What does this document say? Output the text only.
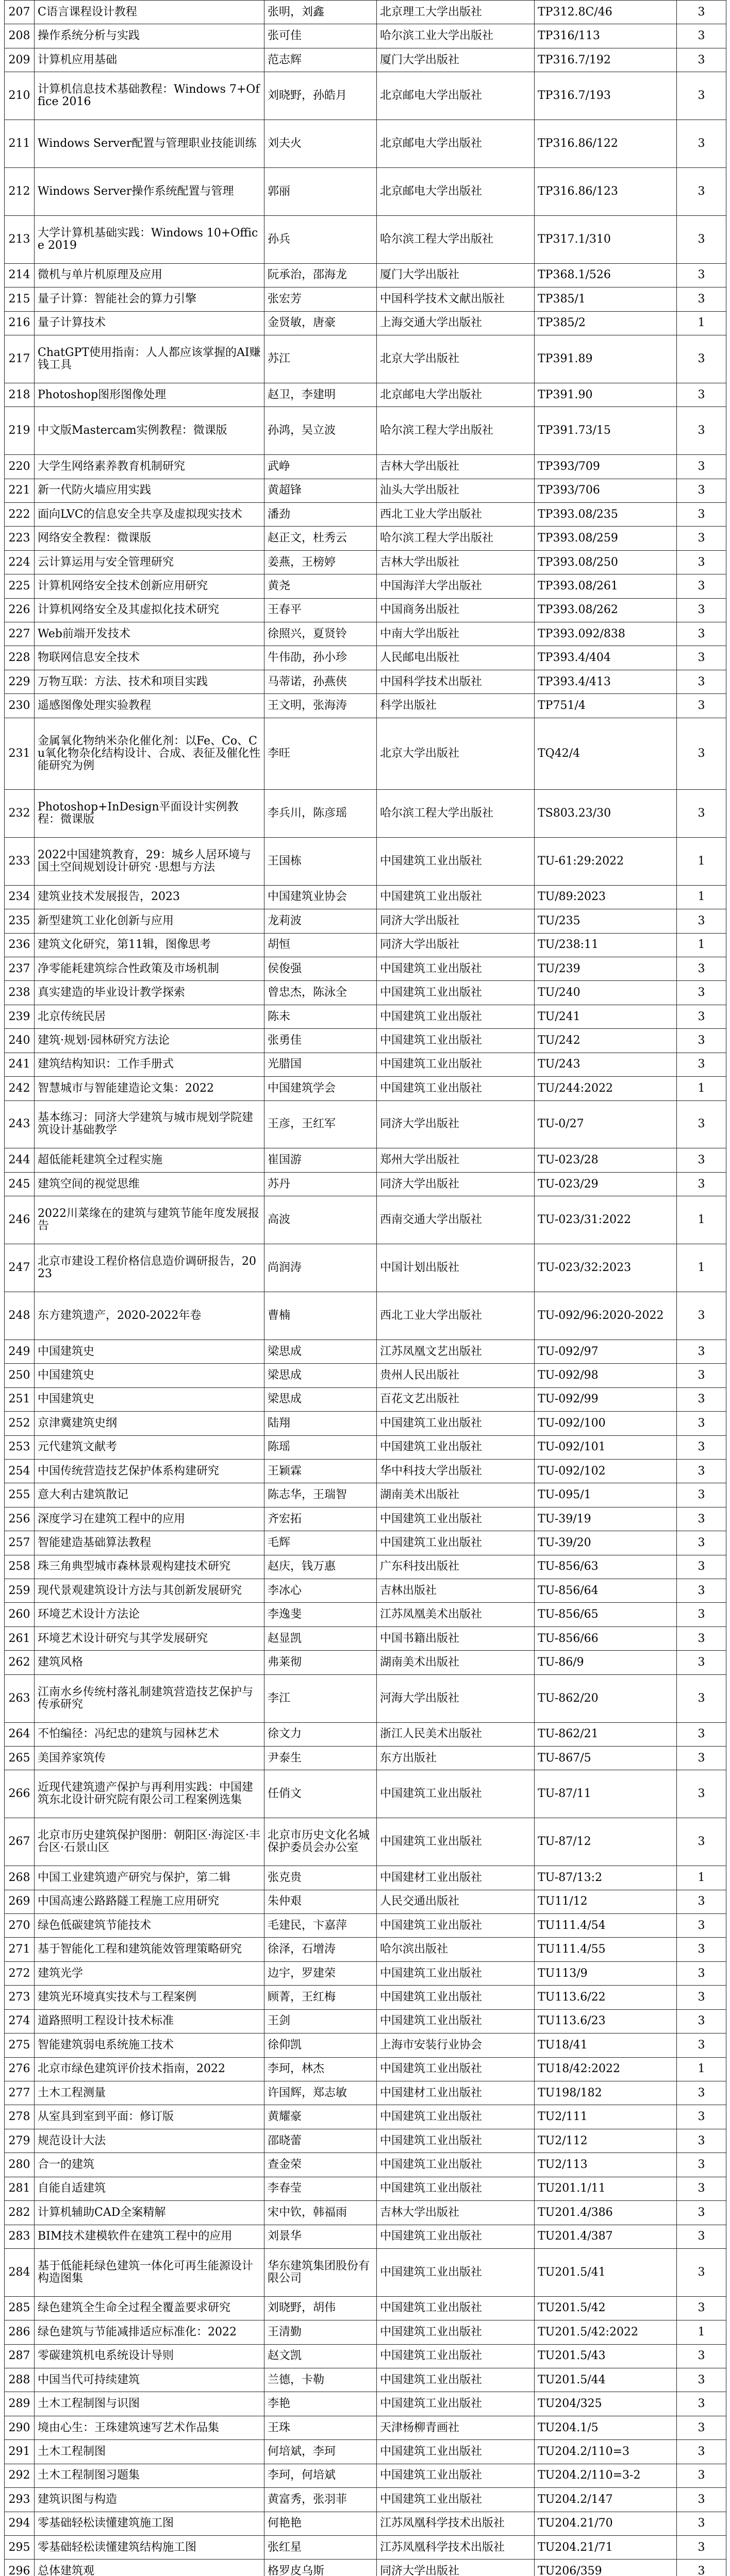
207	C语言课程设计教程	张明，刘鑫	北京理工大学出版社	TP312.8C/46	3
208	操作系统分析与实践	张可佳	哈尔滨工业大学出版社	TP316/113	3
209	计算机应用基础	范志辉	厦门大学出版社	TP316.7/192	3
210	计算机信息技术基础教程：Windows 7+Office 2016	刘晓野，孙皓月	北京邮电大学出版社	TP316.7/193	3
211	Windows Server配置与管理职业技能训练	刘夫火	北京邮电大学出版社	TP316.86/122	3
212	Windows Server操作系统配置与管理	郭丽	北京邮电大学出版社	TP316.86/123	3
213	大学计算机基础实践：Windows 10+Office 2019	孙兵	哈尔滨工程大学出版社	TP317.1/310	3
214	微机与单片机原理及应用	阮承治，邵海龙	厦门大学出版社	TP368.1/526	3
215	量子计算：智能社会的算力引擎	张宏芳	中国科学技术文献出版社	TP385/1	3
216	量子计算技术	金贤敏，唐豪	上海交通大学出版社	TP385/2	1
217	ChatGPT使用指南：人人都应该掌握的AI赚钱工具	苏江	北京大学出版社	TP391.89	3
218	Photoshop图形图像处理	赵卫，李建明	北京邮电大学出版社	TP391.90	3
219	中文版Mastercam实例教程：微课版	孙鸿，吴立波	哈尔滨工程大学出版社	TP391.73/15	3
220	大学生网络素养教育机制研究	武峥	吉林大学出版社	TP393/709	3
221	新一代防火墙应用实践	黄超锋	汕头大学出版社	TP393/706	3
222	面向LVC的信息安全共享及虚拟现实技术	潘劲	西北工业大学出版社	TP393.08/235	3
223	网络安全教程：微课版	赵正文，杜秀云	哈尔滨工程大学出版社	TP393.08/259	3
224	云计算运用与安全管理研究	姜燕，王榜婷	吉林大学出版社	TP393.08/250	3
225	计算机网络安全技术创新应用研究	黄尧	中国海洋大学出版社	TP393.08/261	3
226	计算机网络安全及其虚拟化技术研究	王春平	中国商务出版社	TP393.08/262	3
227	Web前端开发技术	徐照兴，夏贤铃	中南大学出版社	TP393.092/838	3
228	物联网信息安全技术	牛伟劭，孙小珍	人民邮电出版社	TP393.4/404	3
229	万物互联：方法、技术和项目实践	马蒂诺，孙燕侠	中国科学技术出版社	TP393.4/413	3
230	遥感图像处理实验教程	王文明，张海涛	科学出版社	TP751/4	3
231	金属氧化物纳米杂化催化剂：以Fe、Co、Cu氧化物杂化结构设计、合成、表征及催化性能研究为例	李旺	北京大学出版社	TQ42/4	3
232	Photoshop+InDesign平面设计实例教程：微课版	李兵川，陈彦瑶	哈尔滨工程大学出版社	TS803.23/30	3
233	2022中国建筑教育，29：城乡人居环境与国土空间规划设计研究 ·思想与方法	王国栋	中国建筑工业出版社	TU-61:29:2022	1
234	建筑业技术发展报告，2023	中国建筑业协会	中国建筑工业出版社	TU/89:2023	1
235	新型建筑工业化创新与应用	龙莉波	同济大学出版社	TU/235	3
236	建筑文化研究，第11辑，图像思考	胡恒	同济大学出版社	TU/238:11	1
237	净零能耗建筑综合性政策及市场机制	侯俊强	中国建筑工业出版社	TU/239	3
238	真实建造的毕业设计教学探索	曾忠杰，陈泳全	中国建筑工业出版社	TU/240	3
239	北京传统民居	陈未	中国建筑工业出版社	TU/241	3
240	建筑·规划·园林研究方法论	张勇佳	中国建筑工业出版社	TU/242	3
241	建筑结构知识：工作手册式	光腊国	中国建筑工业出版社	TU/243	3
242	智慧城市与智能建造论文集：2022	中国建筑学会	中国建筑工业出版社	TU/244:2022	1
243	基本练习：同济大学建筑与城市规划学院建筑设计基础教学	王彦，王红军	同济大学出版社	TU-0/27	3
244	超低能耗建筑全过程实施	崔国游	郑州大学出版社	TU-023/28	3
245	建筑空间的视觉思维	苏丹	同济大学出版社	TU-023/29	3
246	2022川菜缘在的建筑与建筑节能年度发展报告	高波	西南交通大学出版社	TU-023/31:2022	1
247	北京市建设工程价格信息造价调研报告，2023	尚润涛	中国计划出版社	TU-023/32:2023	1
248	东方建筑遗产，2020-2022年卷	曹楠	西北工业大学出版社	TU-092/96:2020-2022	3
249	中国建筑史	梁思成	江苏凤凰文艺出版社	TU-092/97	3
250	中国建筑史	梁思成	贵州人民出版社	TU-092/98	3
251	中国建筑史	梁思成	百花文艺出版社	TU-092/99	3
252	京津冀建筑史纲	陆翔	中国建筑工业出版社	TU-092/100	3
253	元代建筑文献考	陈瑶	中国建筑工业出版社	TU-092/101	3
254	中国传统营造技艺保护体系构建研究	王颖霖	华中科技大学出版社	TU-092/102	3
255	意大利古建筑散记	陈志华，王瑞智	湖南美术出版社	TU-095/1	3
256	深度学习在建筑工程中的应用	齐宏拓	中国建筑工业出版社	TU-39/19	3
257	智能建造基础算法教程	毛辉	中国建筑工业出版社	TU-39/20	3
258	珠三角典型城市森林景观构建技术研究	赵庆，钱万惠	广东科技出版社	TU-856/63	3
259	现代景观建筑设计方法与其创新发展研究	李冰心	吉林出版社	TU-856/64	3
260	环境艺术设计方法论	李逸斐	江苏凤凰美术出版社	TU-856/65	3
261	环境艺术设计研究与其学发展研究	赵显凯	中国书籍出版社	TU-856/66	3
262	建筑风格	弗莱彻	湖南美术出版社	TU-86/9	3
263	江南水乡传统村落礼制建筑营造技艺保护与传承研究	李江	河海大学出版社	TU-862/20	3
264	不怕编径：冯纪忠的建筑与园林艺术	徐文力	浙江人民美术出版社	TU-862/21	3
265	美国养家筑传	尹泰生	东方出版社	TU-867/5	3
266	近现代建筑遗产保护与再利用实践：中国建筑东北设计研究院有限公司工程案例选集	任俏文	中国建筑工业出版社	TU-87/11	3
267	北京市历史建筑保护图册：朝阳区·海淀区·丰台区·石景山区	北京市历史文化名城保护委员会办公室	中国建筑工业出版社	TU-87/12	3
268	中国工业建筑遗产研究与保护，第二辑	张克贵	中国建材工业出版社	TU-87/13:2	1
269	中国高速公路路隧工程施工应用研究	朱仲艰	人民交通出版社	TU11/12	3
270	绿色低碳建筑节能技术	毛建民，卞嘉萍	中国建筑工业出版社	TU111.4/54	3
271	基于智能化工程和建筑能效管理策略研究	徐泽，石增涛	哈尔滨出版社	TU111.4/55	3
272	建筑光学	边宇，罗建荣	中国建筑工业出版社	TU113/9	3
273	建筑光环境真实技术与工程案例	顾菁，王红梅	中国建筑工业出版社	TU113.6/22	3
274	道路照明工程设计技术标准	王剑	中国建筑工业出版社	TU113.6/23	3
275	智能建筑弱电系统施工技术	徐仰凯	上海市安装行业协会	TU18/41	3
276	北京市绿色建筑评价技术指南，2022	李珂，林杰	中国建筑工业出版社	TU18/42:2022	1
277	土木工程测量	许国辉，郑志敏	中国建材工业出版社	TU198/182	3
278	从室具到室到平面：修订版	黄耀豪	中国建筑工业出版社	TU2/111	3
279	规范设计大法	邵晓蕾	中国建筑工业出版社	TU2/112	3
280	合一的建筑	查金荣	中国建筑工业出版社	TU2/113	3
281	自能自适建筑	李春莹	中国建筑工业出版社	TU201.1/11	3
282	计算机辅助CAD全案精解	宋中钦，韩福雨	吉林大学出版社	TU201.4/386	3
283	BIM技术建模软件在建筑工程中的应用	刘景华	中国建筑工业出版社	TU201.4/387	3
284	基于低能耗绿色建筑一体化可再生能源设计构造图集	华东建筑集团股份有限公司	中国建筑工业出版社	TU201.5/41	3
285	绿色建筑全生命全过程全覆盖要求研究	刘晓野，胡伟	中国建筑工业出版社	TU201.5/42	3
286	绿色建筑与节能减排适应标准化：2022	王清勤	中国建筑工业出版社	TU201.5/42:2022	1
287	零碳建筑机电系统设计导则	赵文凯	中国建筑工业出版社	TU201.5/43	3
288	中国当代可持续建筑	兰德，卡勒	中国建筑工业出版社	TU201.5/44	3
289	土木工程制图与识图	李艳	中国建筑工业出版社	TU204/325	3
290	境由心生：王珠建筑速写艺术作品集	王珠	天津杨柳青画社	TU204.1/5	3
291	土木工程制图	何培斌，李珂	中国建筑工业出版社	TU204.2/110=3	3
292	土木工程制图习题集	李珂，何培斌	中国建筑工业出版社	TU204.2/110=3-2	3
293	建筑识图与构造	黄富秀，张羽菲	中国建筑工业出版社	TU204.2/147	3
294	零基础轻松读懂建筑施工图	何艳艳	江苏凤凰科学技术出版社	TU204.21/70	3
295	零基础轻松读懂建筑结构施工图	张红星	江苏凤凰科学技术出版社	TU204.21/71	3
296	总体建筑观	格罗皮乌斯	同济大学出版社	TU206/359	3
